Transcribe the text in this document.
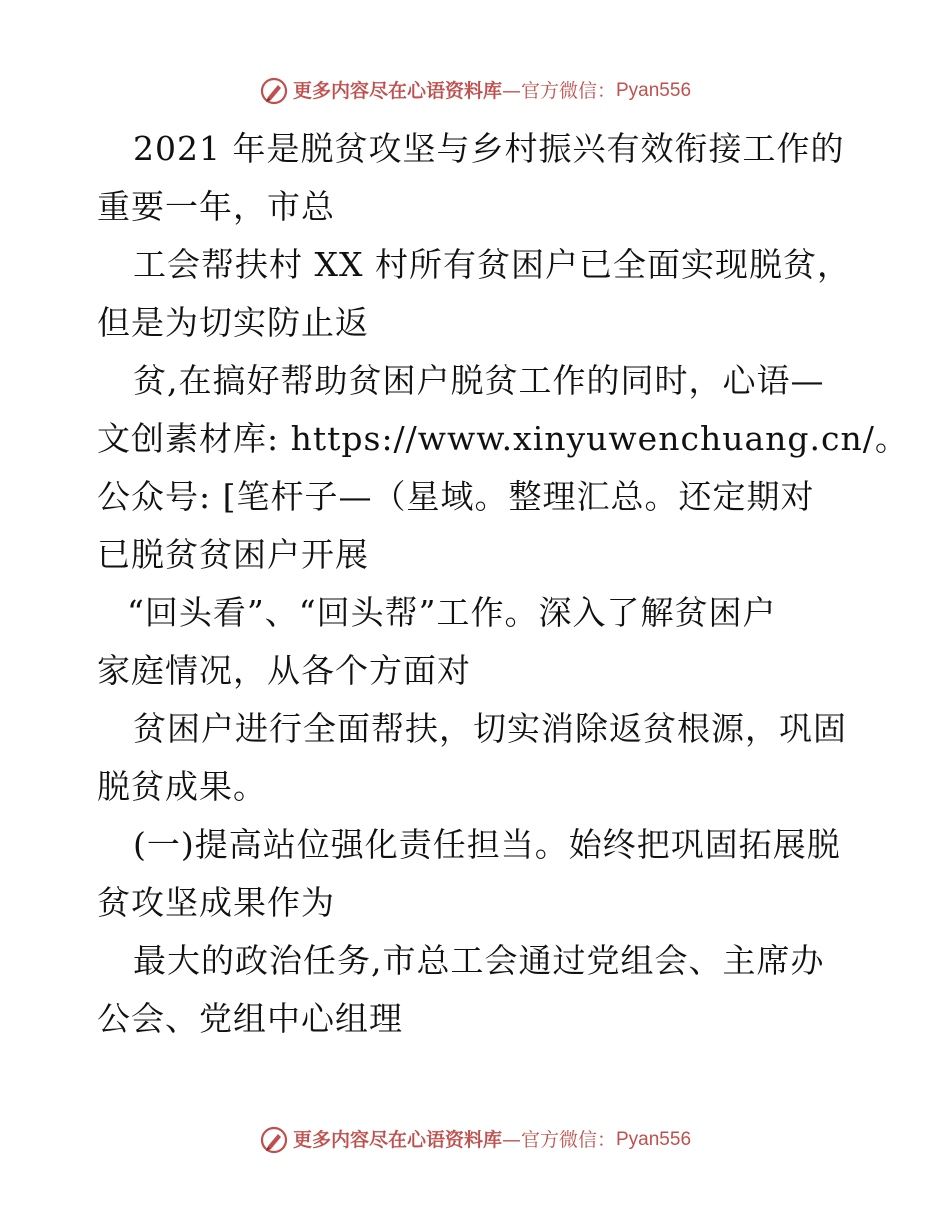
更多内容尽在心语资料库—官方微信：Pyan556
2021 年是脱贫攻坚与乡村振兴有效衔接工作的
重要一年，市总
工会帮扶村 XX 村所有贫困户已全面实现脱贫，
但是为切实防止返
贫,在搞好帮助贫困户脱贫工作的同时，心语—
文创素材库: https://www.xinyuwenchuang.cn/。
公众号: [笔杆子—（星域。整理汇总。还定期对
已脱贫贫困户开展
“回头看”、“回头帮”工作。深入了解贫困户
家庭情况，从各个方面对
贫困户进行全面帮扶，切实消除返贫根源，巩固
脱贫成果。
(一)提高站位强化责任担当。始终把巩固拓展脱
贫攻坚成果作为
最大的政治任务,市总工会通过党组会、主席办
公会、党组中心组理
更多内容尽在心语资料库—官方微信：Pyan556
